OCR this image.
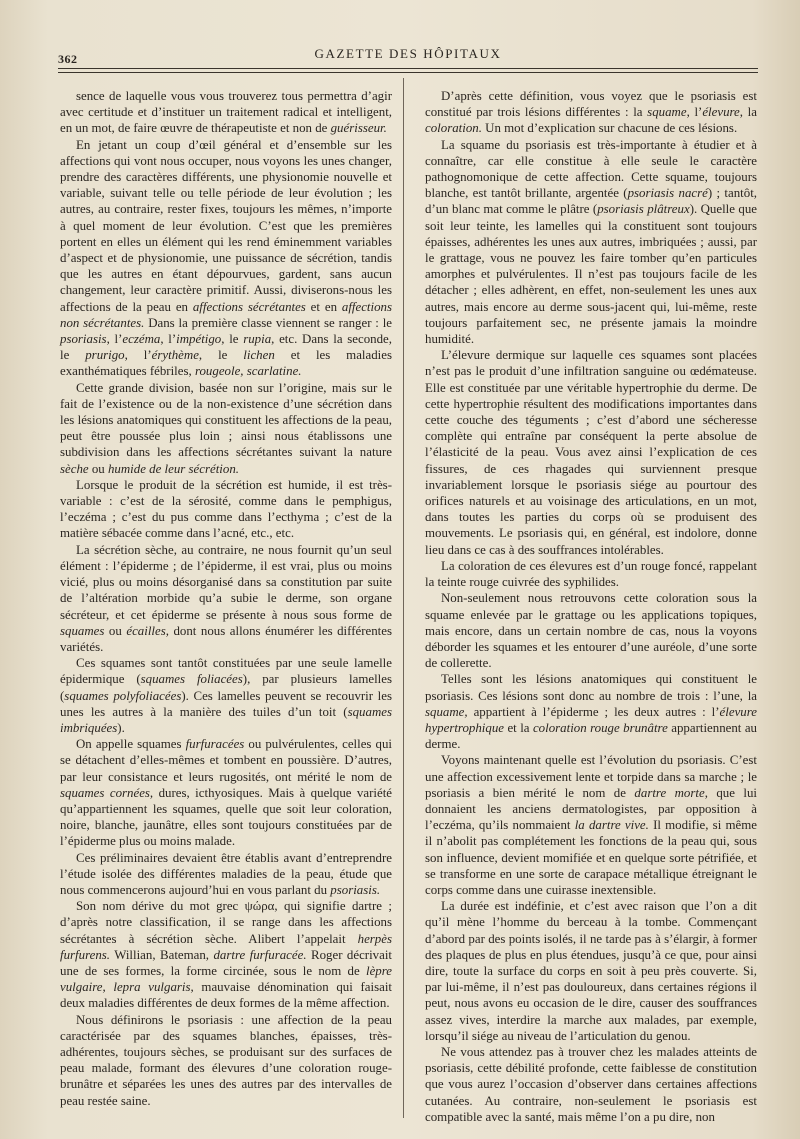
362	GAZETTE DES HÔPITAUX

sence de laquelle vous vous trouverez tous permettra d’agir avec certitude et d’instituer un traitement radical et intelligent, en un mot, de faire œuvre de thérapeutiste et non de guérisseur.

En jetant un coup d’œil général et d’ensemble sur les affections qui vont nous occuper, nous voyons les unes changer, prendre des caractères différents, une physionomie nouvelle et variable, suivant telle ou telle période de leur évolution ; les autres, au contraire, rester fixes, toujours les mêmes, n’importe à quel moment de leur évolution. C’est que les premières portent en elles un élément qui les rend éminemment variables d’aspect et de physionomie, une puissance de sécrétion, tandis que les autres en étant dépourvues, gardent, sans aucun changement, leur caractère primitif. Aussi, diviserons-nous les affections de la peau en affections sécrétantes et en affections non sécrétantes. Dans la première classe viennent se ranger : le psoriasis, l’eczéma, l’impétigo, le rupia, etc. Dans la seconde, le prurigo, l’érythème, le lichen et les maladies exanthématiques fébriles, rougeole, scarlatine.

Cette grande division, basée non sur l’origine, mais sur le fait de l’existence ou de la non-existence d’une sécrétion dans les lésions anatomiques qui constituent les affections de la peau, peut être poussée plus loin ; ainsi nous établissons une subdivision dans les affections sécrétantes suivant la nature sèche ou humide de leur sécrétion.

Lorsque le produit de la sécrétion est humide, il est très-variable : c’est de la sérosité, comme dans le pemphigus, l’eczéma ; c’est du pus comme dans l’ecthyma ; c’est de la matière sébacée comme dans l’acné, etc., etc.

La sécrétion sèche, au contraire, ne nous fournit qu’un seul élément : l’épiderme ; de l’épiderme, il est vrai, plus ou moins vicié, plus ou moins désorganisé dans sa constitution par suite de l’altération morbide qu’a subie le derme, son organe sécréteur, et cet épiderme se présente à nous sous forme de squames ou écailles, dont nous allons énumérer les différentes variétés.

Ces squames sont tantôt constituées par une seule lamelle épidermique (squames foliacées), par plusieurs lamelles (squames polyfoliacées). Ces lamelles peuvent se recouvrir les unes les autres à la manière des tuiles d’un toit (squames imbriquées).

On appelle squames furfuracées ou pulvérulentes, celles qui se détachent d’elles-mêmes et tombent en poussière. D’autres, par leur consistance et leurs rugosités, ont mérité le nom de squames cornées, dures, icthyosiques. Mais à quelque variété qu’appartiennent les squames, quelle que soit leur coloration, noire, blanche, jaunâtre, elles sont toujours constituées par de l’épiderme plus ou moins malade.

Ces préliminaires devaient être établis avant d’entreprendre l’étude isolée des différentes maladies de la peau, étude que nous commencerons aujourd’hui en vous parlant du psoriasis.

Son nom dérive du mot grec ψώρα, qui signifie dartre ; d’après notre classification, il se range dans les affections sécrétantes à sécrétion sèche. Alibert l’appelait herpès furfurens. Willian, Bateman, dartre furfuracée. Roger décrivait une de ses formes, la forme circinée, sous le nom de lèpre vulgaire, lepra vulgaris, mauvaise dénomination qui faisait deux maladies différentes de deux formes de la même affection.

Nous définirons le psoriasis : une affection de la peau caractérisée par des squames blanches, épaisses, très-adhérentes, toujours sèches, se produisant sur des surfaces de peau malade, formant des élevures d’une coloration rouge-brunâtre et séparées les unes des autres par des intervalles de peau restée saine.

D’après cette définition, vous voyez que le psoriasis est constitué par trois lésions différentes : la squame, l’élevure, la coloration. Un mot d’explication sur chacune de ces lésions.

La squame du psoriasis est très-importante à étudier et à connaître, car elle constitue à elle seule le caractère pathognomonique de cette affection. Cette squame, toujours blanche, est tantôt brillante, argentée (psoriasis nacré) ; tantôt, d’un blanc mat comme le plâtre (psoriasis plâtreux). Quelle que soit leur teinte, les lamelles qui la constituent sont toujours épaisses, adhérentes les unes aux autres, imbriquées ; aussi, par le grattage, vous ne pouvez les faire tomber qu’en particules amorphes et pulvérulentes. Il n’est pas toujours facile de les détacher ; elles adhèrent, en effet, non-seulement les unes aux autres, mais encore au derme sous-jacent qui, lui-même, reste toujours parfaitement sec, ne présente jamais la moindre humidité.

L’élevure dermique sur laquelle ces squames sont placées n’est pas le produit d’une infiltration sanguine ou œdémateuse. Elle est constituée par une véritable hypertrophie du derme. De cette hypertrophie résultent des modifications importantes dans cette couche des téguments ; c’est d’abord une sécheresse complète qui entraîne par conséquent la perte absolue de l’élasticité de la peau. Vous avez ainsi l’explication de ces fissures, de ces rhagades qui surviennent presque invariablement lorsque le psoriasis siége au pourtour des orifices naturels et au voisinage des articulations, en un mot, dans toutes les parties du corps où se produisent des mouvements. Le psoriasis qui, en général, est indolore, donne lieu dans ce cas à des souffrances intolérables.

La coloration de ces élevures est d’un rouge foncé, rappelant la teinte rouge cuivrée des syphilides.

Non-seulement nous retrouvons cette coloration sous la squame enlevée par le grattage ou les applications topiques, mais encore, dans un certain nombre de cas, nous la voyons déborder les squames et les entourer d’une auréole, d’une sorte de collerette.

Telles sont les lésions anatomiques qui constituent le psoriasis. Ces lésions sont donc au nombre de trois : l’une, la squame, appartient à l’épiderme ; les deux autres : l’élevure hypertrophique et la coloration rouge brunâtre appartiennent au derme.

Voyons maintenant quelle est l’évolution du psoriasis. C’est une affection excessivement lente et torpide dans sa marche ; le psoriasis a bien mérité le nom de dartre morte, que lui donnaient les anciens dermatologistes, par opposition à l’eczéma, qu’ils nommaient la dartre vive. Il modifie, si même il n’abolit pas complétement les fonctions de la peau qui, sous son influence, devient momifiée et en quelque sorte pétrifiée, et se transforme en une sorte de carapace métallique étreignant le corps comme dans une cuirasse inextensible.

La durée est indéfinie, et c’est avec raison que l’on a dit qu’il mène l’homme du berceau à la tombe. Commençant d’abord par des points isolés, il ne tarde pas à s’élargir, à former des plaques de plus en plus étendues, jusqu’à ce que, pour ainsi dire, toute la surface du corps en soit à peu près couverte. Si, par lui-même, il n’est pas douloureux, dans certaines régions il peut, nous avons eu occasion de le dire, causer des souffrances assez vives, interdire la marche aux malades, par exemple, lorsqu’il siége au niveau de l’articulation du genou.

Ne vous attendez pas à trouver chez les malades atteints de psoriasis, cette débilité profonde, cette faiblesse de constitution que vous aurez l’occasion d’observer dans certaines affections cutanées. Au contraire, non-seulement le psoriasis est compatible avec la santé, mais même l’on a pu dire, non
